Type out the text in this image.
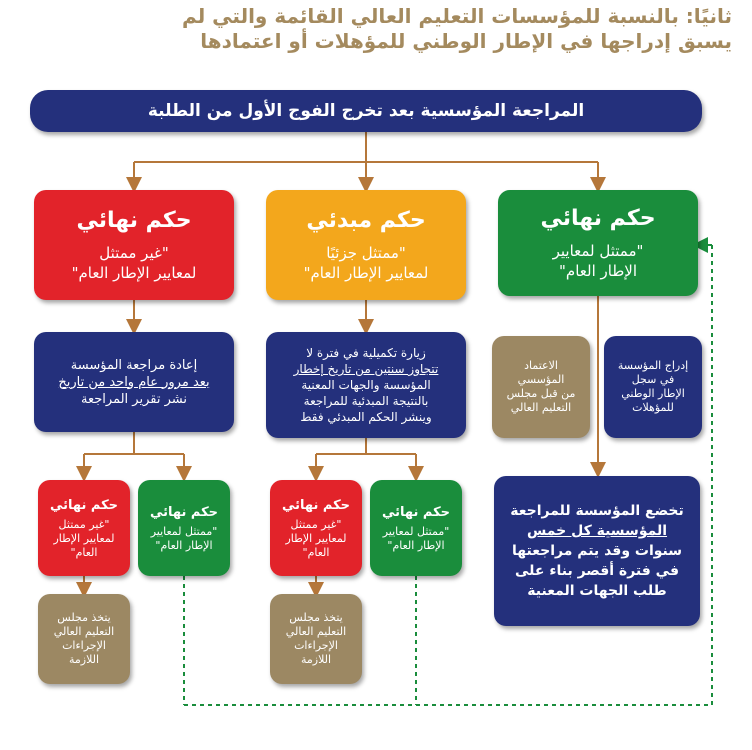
ثانيًا: بالنسبة للمؤسسات التعليم العالي القائمة والتي لم
يسبق إدراجها في الإطار الوطني للمؤهلات أو اعتمادها
المراجعة المؤسسية بعد تخرج الفوج الأول من الطلبة
حكم نهائي
"غير ممتثل
لمعايير الإطار العام"
حكم مبدئي
"ممتثل جزئيًا
لمعايير الإطار العام"
حكم نهائي
"ممتثل لمعايير
الإطار العام"
إعادة مراجعة المؤسسة
بعد مرور عام واحد من تاريخ
نشر تقرير المراجعة
زيارة تكميلية في فترة لا
تتجاوز سنتين من تاريخ إخطار
المؤسسة والجهات المعنية
بالنتيجة المبدئية للمراجعة
وينشر الحكم المبدئي فقط
الاعتماد
المؤسسي
من قبل مجلس
التعليم العالي
إدراج المؤسسة
في سجل
الإطار الوطني
للمؤهلات
حكم نهائي
"غير ممتثل
لمعايير الإطار
العام"
حكم نهائي
"ممتثل لمعايير
الإطار العام"
حكم نهائي
"غير ممتثل
لمعايير الإطار
العام"
حكم نهائي
"ممتثل لمعايير
الإطار العام"
يتخذ مجلس
التعليم العالي
الإجراءات
اللازمة
يتخذ مجلس
التعليم العالي
الإجراءات
اللازمة
تخضع المؤسسة للمراجعة
المؤسسية كل خمس
سنوات وقد يتم مراجعتها
في فترة أقصر بناء على
طلب الجهات المعنية
